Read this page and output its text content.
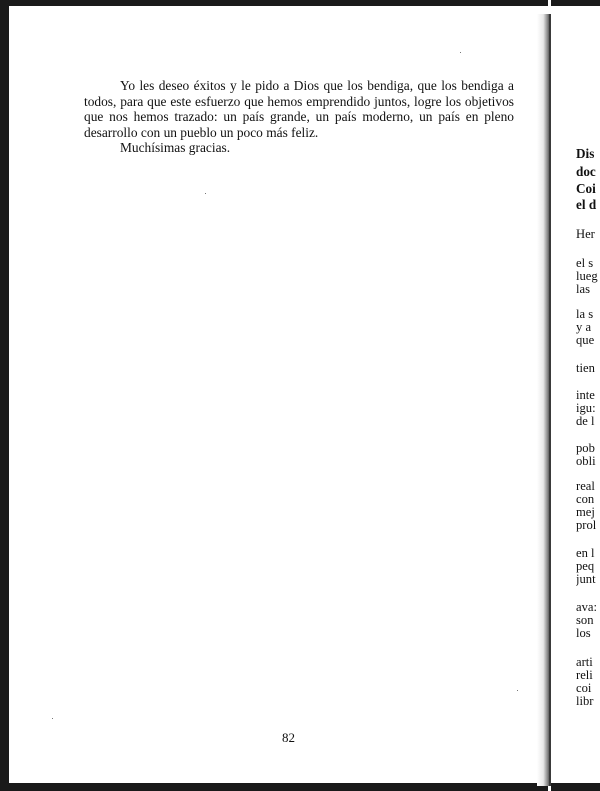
Yo les deseo éxitos y le pido a Dios que los bendiga, que los bendiga a todos, para que este esfuerzo que hemos emprendido juntos, logre los objetivos que nos hemos trazado: un país grande, un país moderno, un país en pleno desarrollo con un pueblo un poco más feliz.

Muchísimas gracias.

82
Dis
doc
Coi
el d
Her
el s
lueg
las
la s
y a
que
tien
inte
igu:
de l
pob
obli
real
con
mej
prol
en l
peq
junt
ava:
son
los
arti
reli
coi
libr
